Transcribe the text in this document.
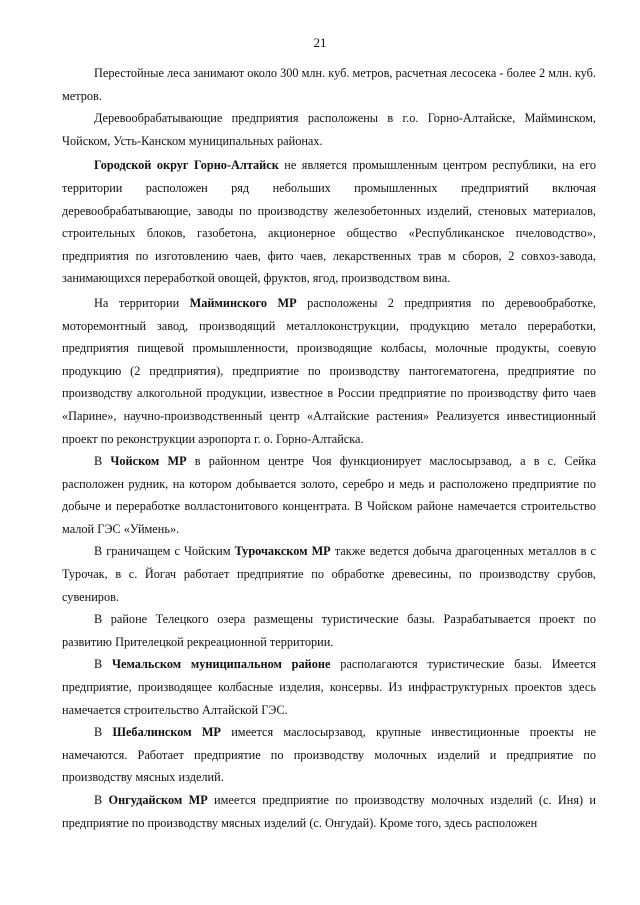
21

Перестойные леса занимают около 300 млн. куб. метров, расчетная лесосека - более 2 млн. куб. метров.

Деревообрабатывающие предприятия расположены в г.о. Горно-Алтайске, Майминском, Чойском, Усть-Канском муниципальных районах.

Городской округ Горно-Алтайск не является промышленным центром республики, на его территории расположен ряд небольших промышленных предприятий включая деревообрабатывающие, заводы по производству железобетонных изделий, стеновых материалов, строительных блоков, газобетона, акционерное общество «Республиканское пчеловодство», предприятия по изготовлению чаев, фито чаев, лекарственных трав м сборов, 2 совхоз-завода, занимающихся переработкой овощей, фруктов, ягод, производством вина.

На территории Майминского МР расположены 2 предприятия по деревообработке, моторемонтный завод, производящий металлоконструкции, продукцию метало переработки, предприятия пищевой промышленности, производящие колбасы, молочные продукты, соевую продукцию (2 предприятия), предприятие по производству пантогематогена, предприятие по производству алкогольной продукции, известное в России предприятие по производству фито чаев «Парине», научно-производственный центр «Алтайские растения» Реализуется инвестиционный проект по реконструкции аэропорта г. о. Горно-Алтайска.

В Чойском МР в районном центре Чоя функционирует маслосырзавод, а в с. Сейка расположен рудник, на котором добывается золото, серебро и медь и расположено предприятие по добыче и переработке волластонитового концентрата. В Чойском районе намечается строительство малой ГЭС «Уймень».

В граничащем с Чойским Турочакском МР также ведется добыча драгоценных металлов в с Турочак, в с. Йогач работает предприятие по обработке древесины, по производству срубов, сувениров.

В районе Телецкого озера размещены туристические базы. Разрабатывается проект по развитию Прителецкой рекреационной территории.

В Чемальском муниципальном районе располагаются туристические базы. Имеется предприятие, производящее колбасные изделия, консервы. Из инфраструктурных проектов здесь намечается строительство Алтайской ГЭС.

В Шебалинском МР имеется маслосырзавод, крупные инвестиционные проекты не намечаются. Работает предприятие по производству молочных изделий и предприятие по производству мясных изделий.

В Онгудайском МР имеется предприятие по производству молочных изделий (с. Иня) и предприятие по производству мясных изделий (с. Онгудай). Кроме того, здесь расположен
